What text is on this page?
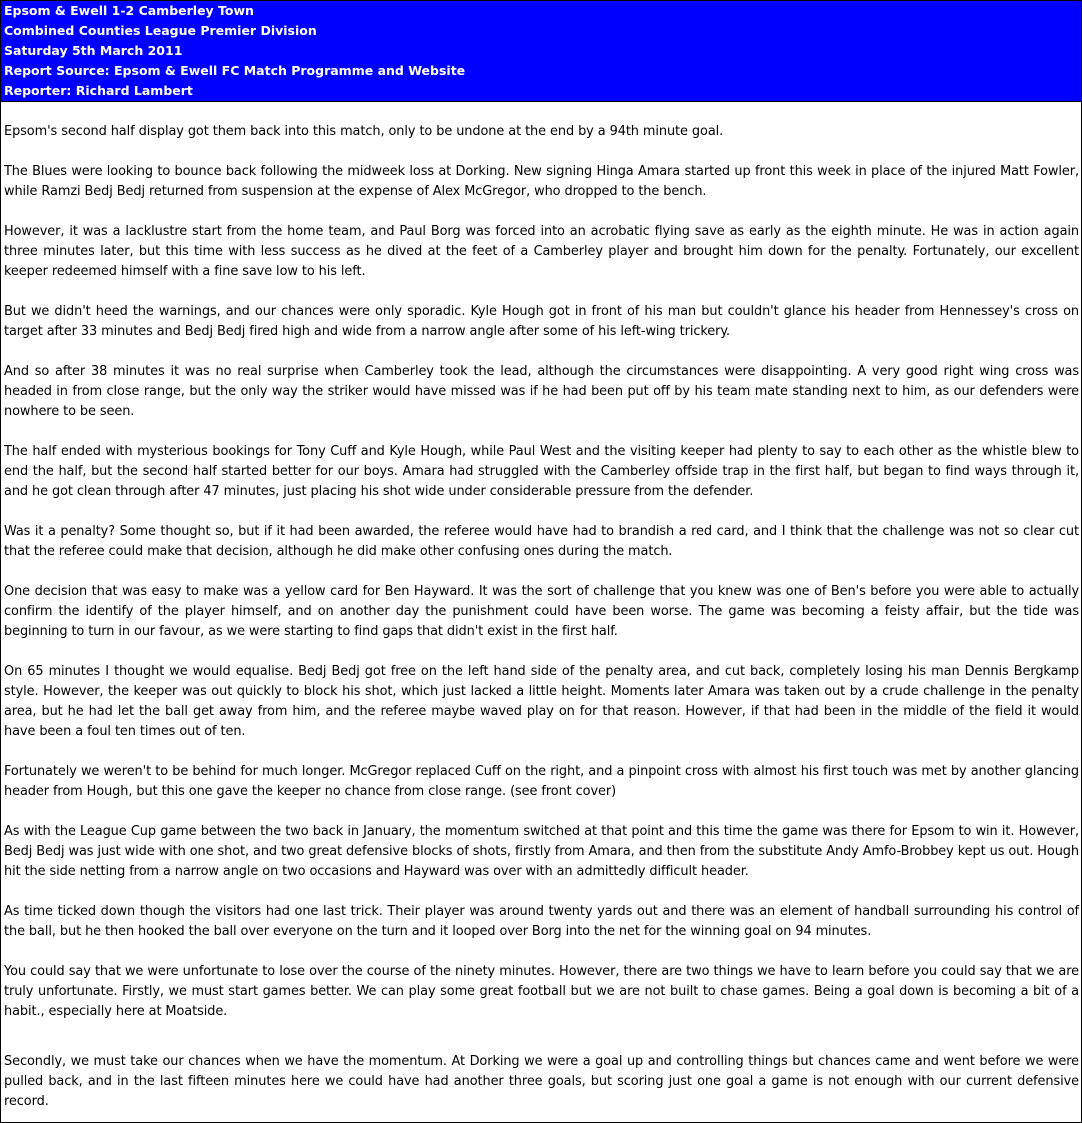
Epsom & Ewell 1-2 Camberley Town
Combined Counties League Premier Division
Saturday 5th March 2011
Report Source: Epsom & Ewell FC Match Programme and Website
Reporter: Richard Lambert

Epsom's second half display got them back into this match, only to be undone at the end by a 94th minute goal.

The Blues were looking to bounce back following the midweek loss at Dorking. New signing Hinga Amara started up front this week in place of the injured Matt Fowler, while Ramzi Bedj Bedj returned from suspension at the expense of Alex McGregor, who dropped to the bench.

However, it was a lacklustre start from the home team, and Paul Borg was forced into an acrobatic flying save as early as the eighth minute. He was in action again three minutes later, but this time with less success as he dived at the feet of a Camberley player and brought him down for the penalty. Fortunately, our excellent keeper redeemed himself with a fine save low to his left.

But we didn't heed the warnings, and our chances were only sporadic. Kyle Hough got in front of his man but couldn't glance his header from Hennessey's cross on target after 33 minutes and Bedj Bedj fired high and wide from a narrow angle after some of his left-wing trickery.

And so after 38 minutes it was no real surprise when Camberley took the lead, although the circumstances were disappointing. A very good right wing cross was headed in from close range, but the only way the striker would have missed was if he had been put off by his team mate standing next to him, as our defenders were nowhere to be seen.

The half ended with mysterious bookings for Tony Cuff and Kyle Hough, while Paul West and the visiting keeper had plenty to say to each other as the whistle blew to end the half, but the second half started better for our boys. Amara had struggled with the Camberley offside trap in the first half, but began to find ways through it, and he got clean through after 47 minutes, just placing his shot wide under considerable pressure from the defender.

Was it a penalty? Some thought so, but if it had been awarded, the referee would have had to brandish a red card, and I think that the challenge was not so clear cut that the referee could make that decision, although he did make other confusing ones during the match.

One decision that was easy to make was a yellow card for Ben Hayward. It was the sort of challenge that you knew was one of Ben's before you were able to actually confirm the identify of the player himself, and on another day the punishment could have been worse. The game was becoming a feisty affair, but the tide was beginning to turn in our favour, as we were starting to find gaps that didn't exist in the first half.

On 65 minutes I thought we would equalise. Bedj Bedj got free on the left hand side of the penalty area, and cut back, completely losing his man Dennis Bergkamp style. However, the keeper was out quickly to block his shot, which just lacked a little height. Moments later Amara was taken out by a crude challenge in the penalty area, but he had let the ball get away from him, and the referee maybe waved play on for that reason. However, if that had been in the middle of the field it would have been a foul ten times out of ten.

Fortunately we weren't to be behind for much longer. McGregor replaced Cuff on the right, and a pinpoint cross with almost his first touch was met by another glancing header from Hough, but this one gave the keeper no chance from close range. (see front cover)

As with the League Cup game between the two back in January, the momentum switched at that point and this time the game was there for Epsom to win it. However, Bedj Bedj was just wide with one shot, and two great defensive blocks of shots, firstly from Amara, and then from the substitute Andy Amfo-Brobbey kept us out. Hough hit the side netting from a narrow angle on two occasions and Hayward was over with an admittedly difficult header.

As time ticked down though the visitors had one last trick. Their player was around twenty yards out and there was an element of handball surrounding his control of the ball, but he then hooked the ball over everyone on the turn and it looped over Borg into the net for the winning goal on 94 minutes.

You could say that we were unfortunate to lose over the course of the ninety minutes. However, there are two things we have to learn before you could say that we are truly unfortunate. Firstly, we must start games better. We can play some great football but we are not built to chase games. Being a goal down is becoming a bit of a habit., especially here at Moatside.

Secondly, we must take our chances when we have the momentum. At Dorking we were a goal up and controlling things but chances came and went before we were pulled back, and in the last fifteen minutes here we could have had another three goals, but scoring just one goal a game is not enough with our current defensive record.
